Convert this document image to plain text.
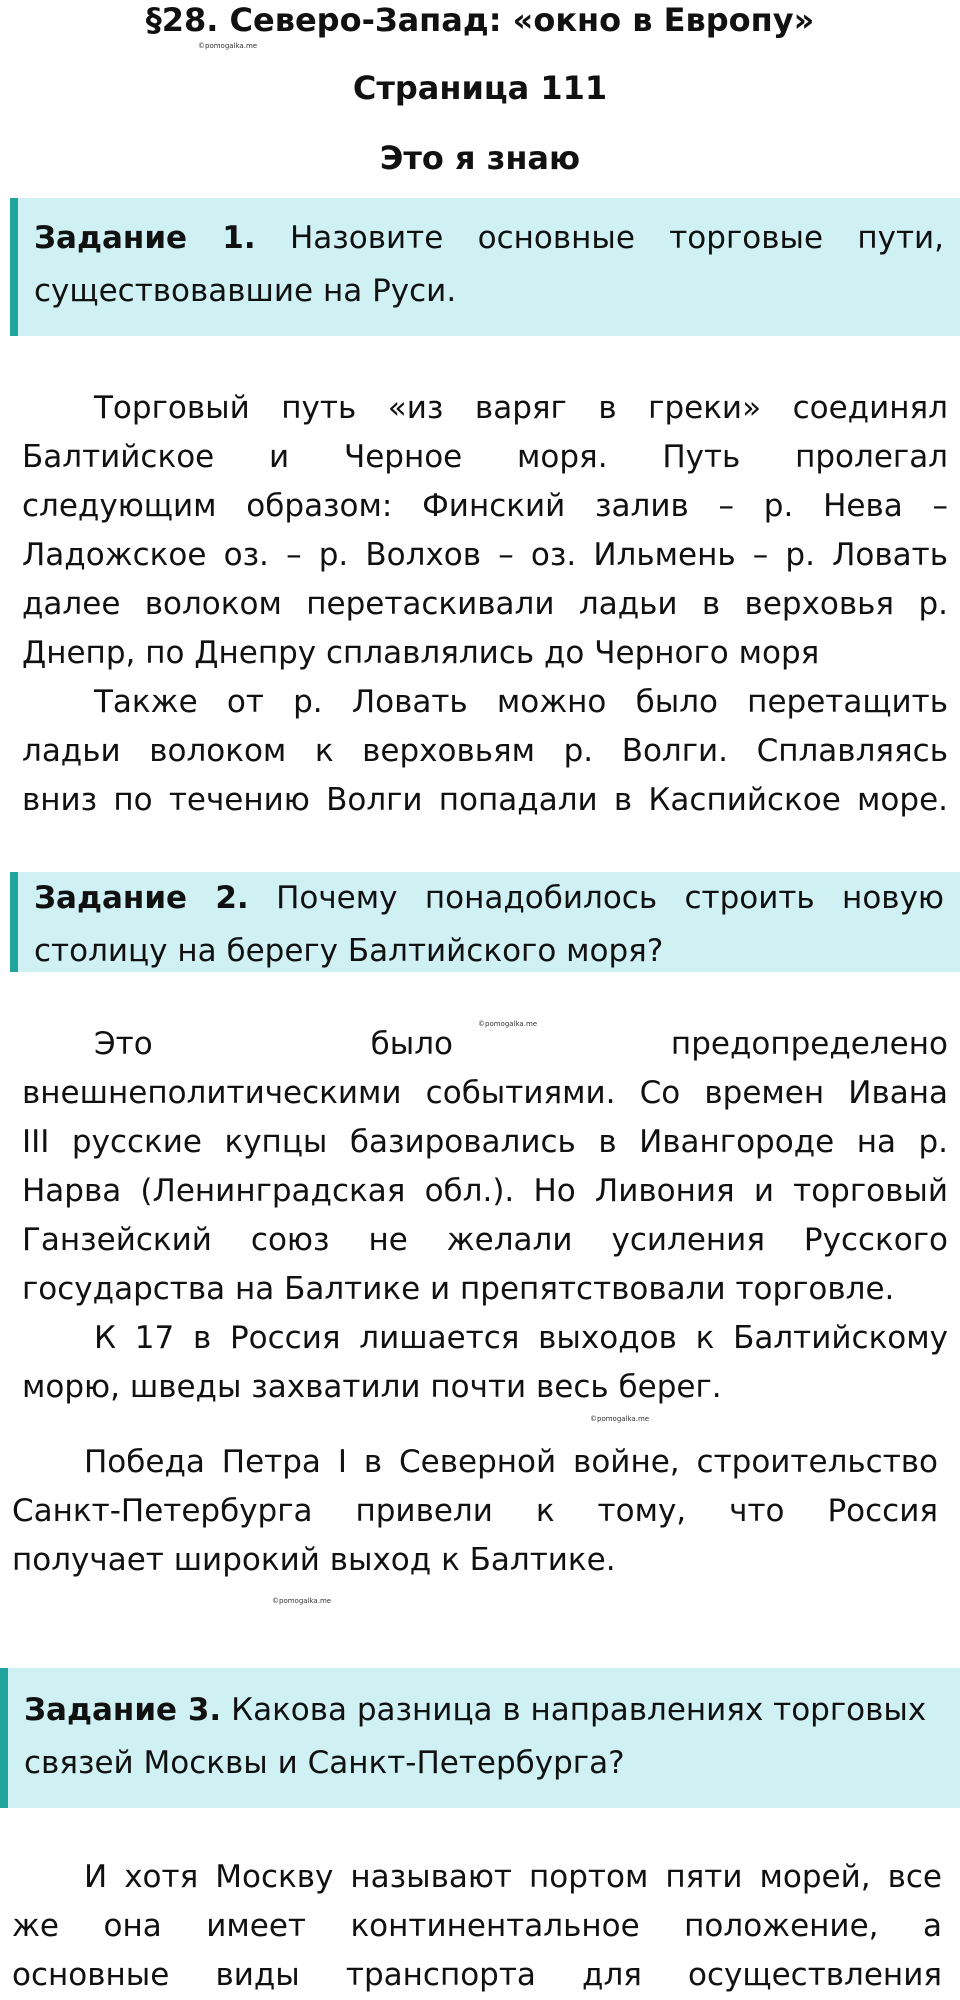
§28. Северо-Запад: «окно в Европу»
©pomogalka.me
Страница 111
Это я знаю
Задание 1. Назовите основные торговые пути, существовавшие на Руси.
Торговый путь «из варяг в греки» соединял
Балтийское и Черное моря. Путь пролегал
следующим образом: Финский залив – р. Нева –
Ладожское оз. – р. Волхов – оз. Ильмень – р. Ловать
далее волоком перетаскивали ладьи в верховья р.
Днепр, по Днепру сплавлялись до Черного моря
Также от р. Ловать можно было перетащить
ладьи волоком к верховьям р. Волги. Сплавляясь
вниз по течению Волги попадали в Каспийское море.
Задание 2. Почему понадобилось строить новую столицу на берегу Балтийского моря?
©pomogalka.me
Это было предопределено
внешнеполитическими событиями. Со времен Ивана
III русские купцы базировались в Ивангороде на р.
Нарва (Ленинградская обл.). Но Ливония и торговый
Ганзейский союз не желали усиления Русского
государства на Балтике и препятствовали торговле.
К 17 в Россия лишается выходов к Балтийскому
морю, шведы захватили почти весь берег.
©pomogalka.me
Победа Петра I в Северной войне, строительство
Санкт-Петербурга привели к тому, что Россия
получает широкий выход к Балтике.
©pomogalka.me
Задание 3. Какова разница в направлениях торговых связей Москвы и Санкт-Петербурга?
И хотя Москву называют портом пяти морей, все
же она имеет континентальное положение, а
основные виды транспорта для осуществления
